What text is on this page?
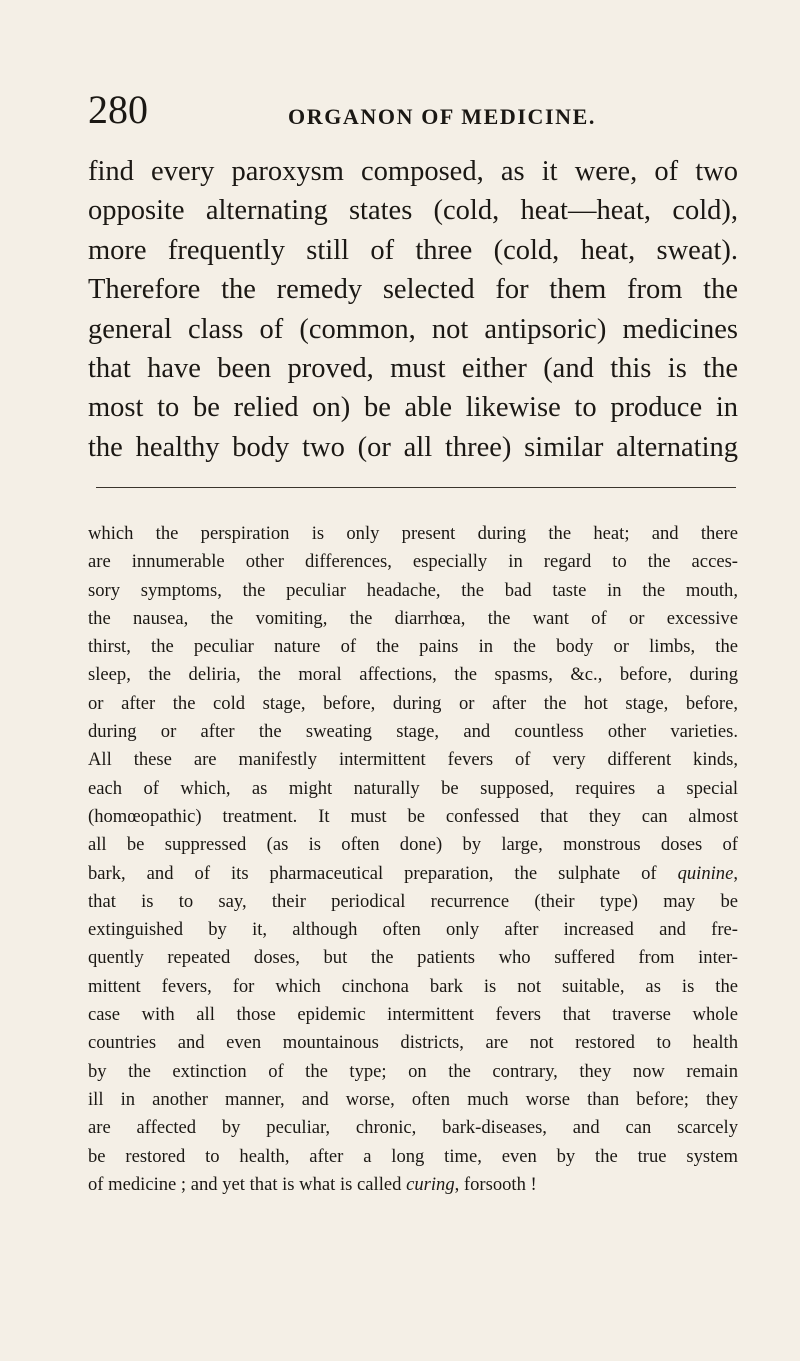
280	ORGANON OF MEDICINE.

find every paroxysm composed, as it were, of two
opposite alternating states (cold, heat—heat, cold),
more frequently still of three (cold, heat, sweat).
Therefore the remedy selected for them from the
general class of (common, not antipsoric) medicines
that have been proved, must either (and this is the
most to be relied on) be able likewise to produce in
the healthy body two (or all three) similar alternating

which the perspiration is only present during the heat; and there
are innumerable other differences, especially in regard to the acces-
sory symptoms, the peculiar headache, the bad taste in the mouth,
the nausea, the vomiting, the diarrhœa, the want of or excessive
thirst, the peculiar nature of the pains in the body or limbs, the
sleep, the deliria, the moral affections, the spasms, &c., before, during
or after the cold stage, before, during or after the hot stage, before,
during or after the sweating stage, and countless other varieties.
All these are manifestly intermittent fevers of very different kinds,
each of which, as might naturally be supposed, requires a special
(homœopathic) treatment. It must be confessed that they can almost
all be suppressed (as is often done) by large, monstrous doses of
bark, and of its pharmaceutical preparation, the sulphate of quinine,
that is to say, their periodical recurrence (their type) may be
extinguished by it, although often only after increased and fre-
quently repeated doses, but the patients who suffered from inter-
mittent fevers, for which cinchona bark is not suitable, as is the
case with all those epidemic intermittent fevers that traverse whole
countries and even mountainous districts, are not restored to health
by the extinction of the type; on the contrary, they now remain
ill in another manner, and worse, often much worse than before; they
are affected by peculiar, chronic, bark-diseases, and can scarcely
be restored to health, after a long time, even by the true system
of medicine ; and yet that is what is called curing, forsooth !
